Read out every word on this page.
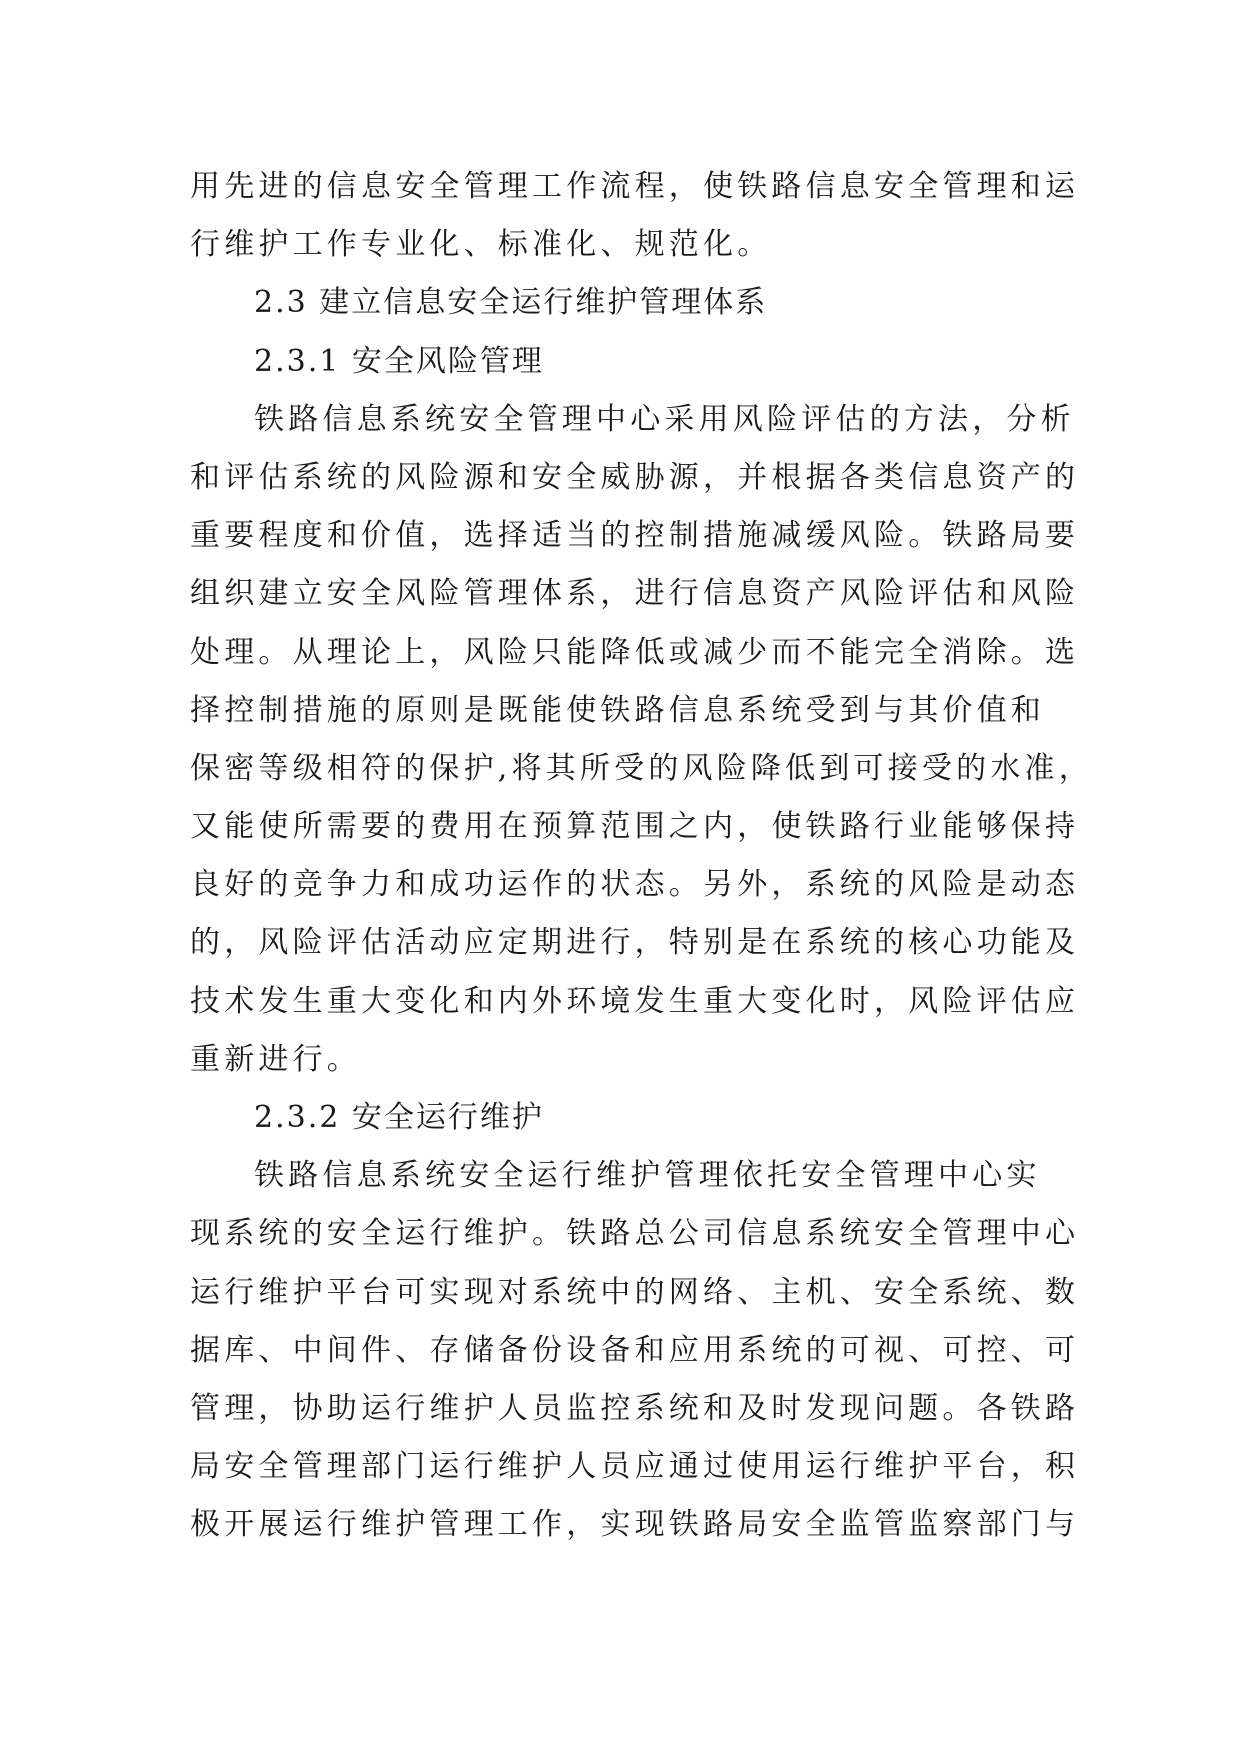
用先进的信息安全管理工作流程，使铁路信息安全管理和运
行维护工作专业化、标准化、规范化。
2.3 建立信息安全运行维护管理体系
2.3.1 安全风险管理
铁路信息系统安全管理中心采用风险评估的方法，分析
和评估系统的风险源和安全威胁源，并根据各类信息资产的
重要程度和价值，选择适当的控制措施减缓风险。铁路局要
组织建立安全风险管理体系，进行信息资产风险评估和风险
处理。从理论上，风险只能降低或减少而不能完全消除。选
择控制措施的原则是既能使铁路信息系统受到与其价值和
保密等级相符的保护,将其所受的风险降低到可接受的水准，
又能使所需要的费用在预算范围之内，使铁路行业能够保持
良好的竞争力和成功运作的状态。另外，系统的风险是动态
的，风险评估活动应定期进行，特别是在系统的核心功能及
技术发生重大变化和内外环境发生重大变化时，风险评估应
重新进行。
2.3.2 安全运行维护
铁路信息系统安全运行维护管理依托安全管理中心实
现系统的安全运行维护。铁路总公司信息系统安全管理中心
运行维护平台可实现对系统中的网络、主机、安全系统、数
据库、中间件、存储备份设备和应用系统的可视、可控、可
管理，协助运行维护人员监控系统和及时发现问题。各铁路
局安全管理部门运行维护人员应通过使用运行维护平台，积
极开展运行维护管理工作，实现铁路局安全监管监察部门与
